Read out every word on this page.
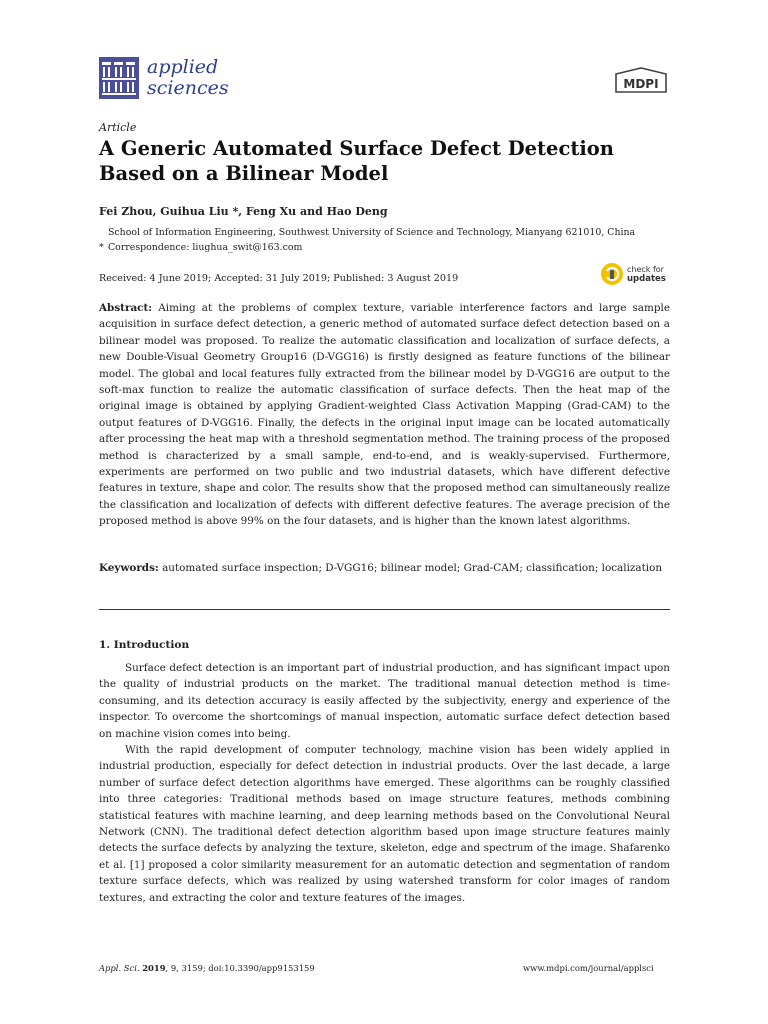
applied
sciences	MDPI
Article
A Generic Automated Surface Defect Detection Based on a Bilinear Model
Fei Zhou, Guihua Liu *, Feng Xu and Hao Deng
School of Information Engineering, Southwest University of Science and Technology, Mianyang 621010, China
* Correspondence: liughua_swit@163.com
Received: 4 June 2019; Accepted: 31 July 2019; Published: 3 August 2019
check for
updates

Abstract: Aiming at the problems of complex texture, variable interference factors and large sample acquisition in surface defect detection, a generic method of automated surface defect detection based on a bilinear model was proposed. To realize the automatic classification and localization of surface defects, a new Double-Visual Geometry Group16 (D-VGG16) is firstly designed as feature functions of the bilinear model. The global and local features fully extracted from the bilinear model by D-VGG16 are output to the soft-max function to realize the automatic classification of surface defects. Then the heat map of the original image is obtained by applying Gradient-weighted Class Activation Mapping (Grad-CAM) to the output features of D-VGG16. Finally, the defects in the original input image can be located automatically after processing the heat map with a threshold segmentation method. The training process of the proposed method is characterized by a small sample, end-to-end, and is weakly-supervised. Furthermore, experiments are performed on two public and two industrial datasets, which have different defective features in texture, shape and color. The results show that the proposed method can simultaneously realize the classification and localization of defects with different defective features. The average precision of the proposed method is above 99% on the four datasets, and is higher than the known latest algorithms.

Keywords: automated surface inspection; D-VGG16; bilinear model; Grad-CAM; classification; localization

1. Introduction

Surface defect detection is an important part of industrial production, and has significant impact upon the quality of industrial products on the market. The traditional manual detection method is time-consuming, and its detection accuracy is easily affected by the subjectivity, energy and experience of the inspector. To overcome the shortcomings of manual inspection, automatic surface defect detection based on machine vision comes into being.

With the rapid development of computer technology, machine vision has been widely applied in industrial production, especially for defect detection in industrial products. Over the last decade, a large number of surface defect detection algorithms have emerged. These algorithms can be roughly classified into three categories: Traditional methods based on image structure features, methods combining statistical features with machine learning, and deep learning methods based on the Convolutional Neural Network (CNN). The traditional defect detection algorithm based upon image structure features mainly detects the surface defects by analyzing the texture, skeleton, edge and spectrum of the image. Shafarenko et al. [1] proposed a color similarity measurement for an automatic detection and segmentation of random texture surface defects, which was realized by using watershed transform for color images of random textures, and extracting the color and texture features of the images.

Appl. Sci. 2019, 9, 3159; doi:10.3390/app9153159	www.mdpi.com/journal/applsci
